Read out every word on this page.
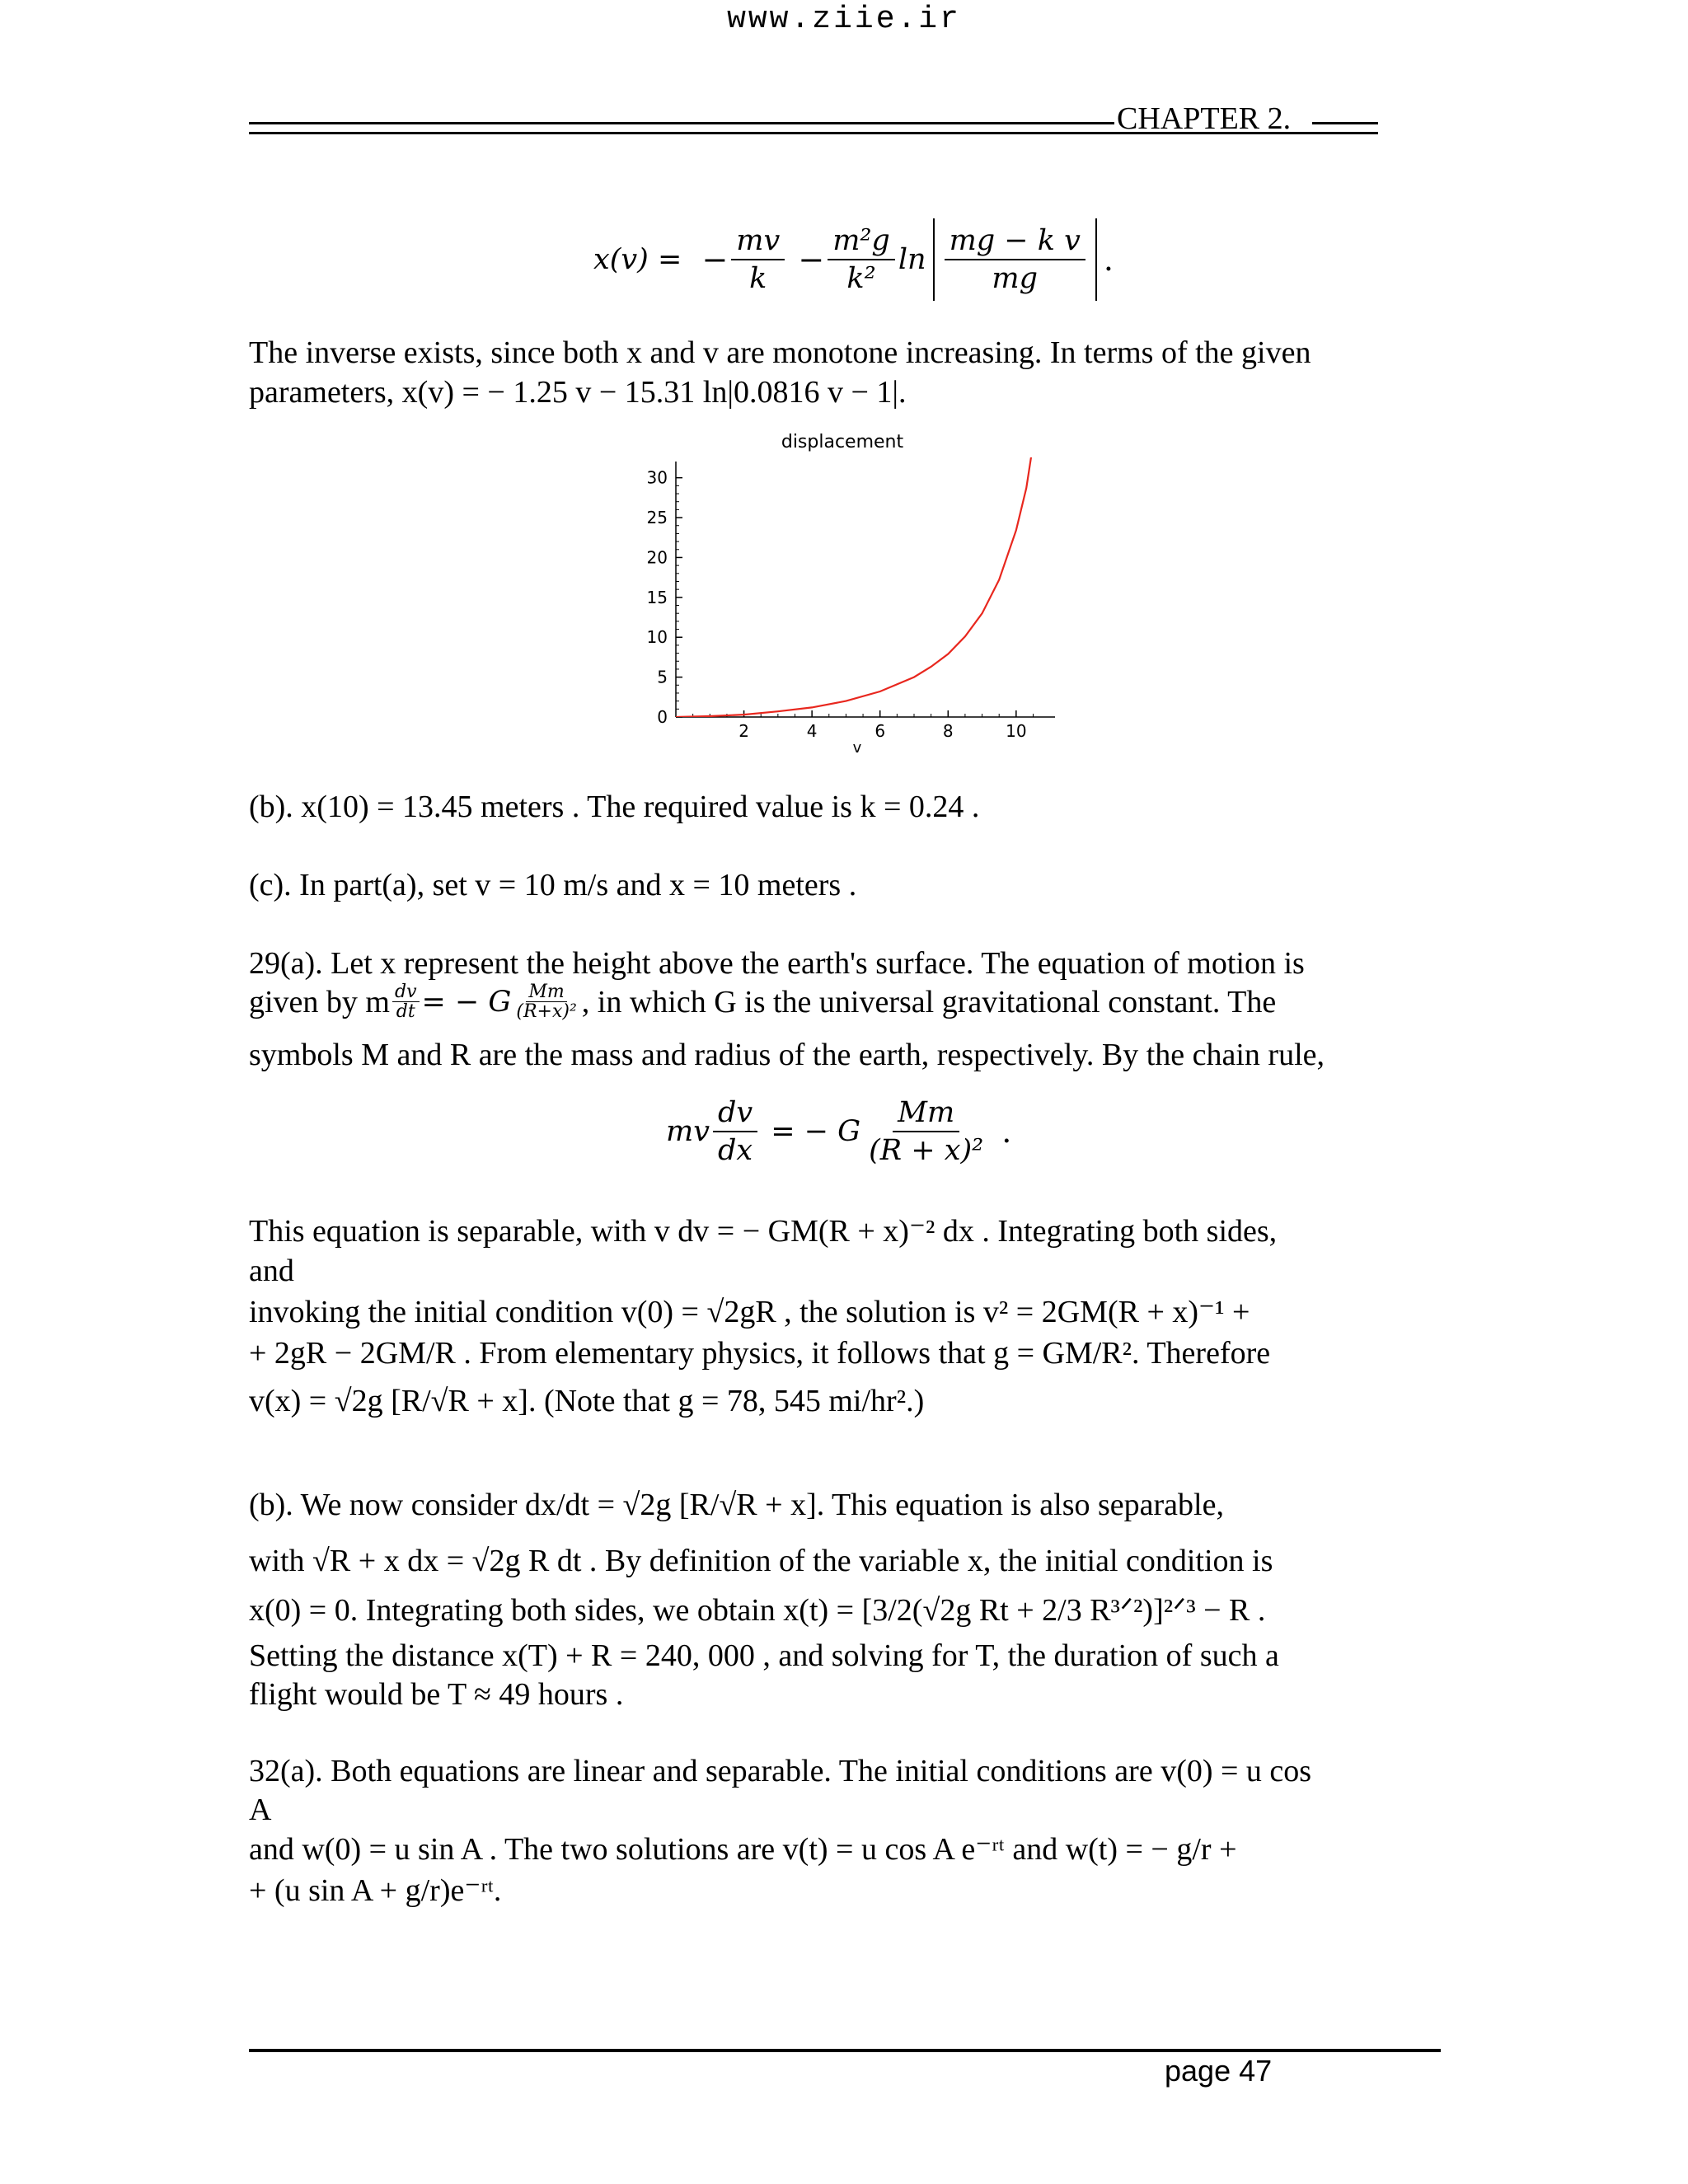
www.ziie.ir
CHAPTER 2.
x(v) =
− $\frac{mv}{k}$
− $\frac{\text{m²g}}{\text{k²}}$ $\ln \frac{\text{mg − k v}}{mg}$ .
The inverse exists, since both x and v are monotone increasing. In terms of the given
parameters, x(v) = − 1.25 v − 15.31 ln|0.0816 v − 1|.
displacement
v
0
5
10
15
20
25
30
2	4	6	8	10
(b). x(10) = 13.45 meters . The required value is k = 0.24 .
(c). In part(a), set v = 10 m/s and x = 10 meters .
29(a). Let x represent the height above the earth's surface. The equation of motion is
given by m $\frac{dv}{dt}$ = − G $\frac{Mm}{\text{(R+x)²}}$ , in which G is the universal gravitational constant. The
symbols M and R are the mass and radius of the earth, respectively. By the chain rule,
mv $\frac{dv}{dx}$
= − G $\frac{Mm}{\text{(R + x)²}}$
.
This equation is separable, with v dv = − GM(R + x)⁻² dx . Integrating both sides,
and
invoking the initial condition v(0) = √2gR , the solution is v² = 2GM(R + x)⁻¹ +
+ 2gR − 2GM/R . From elementary physics, it follows that g = GM/R². Therefore
v(x) = √2g [R/√R + x]. (Note that g = 78, 545 mi/hr².)
(b). We now consider dx/dt = √2g [R/√R + x]. This equation is also separable,
with √R + x dx = √2g R dt . By definition of the variable x, the initial condition is
x(0) = 0. Integrating both sides, we obtain x(t) = [3/2(√2g Rt + 2/3 R³ᐟ²)]²ᐟ³ − R .
Setting the distance x(T) + R = 240, 000 , and solving for T, the duration of such a
flight would be T ≈ 49 hours .
32(a). Both equations are linear and separable. The initial conditions are v(0) = u cos
A
and w(0) = u sin A . The two solutions are v(t) = u cos A e⁻ʳᵗ and w(t) = − g/r +
+ (u sin A + g/r)e⁻ʳᵗ.
page 47
